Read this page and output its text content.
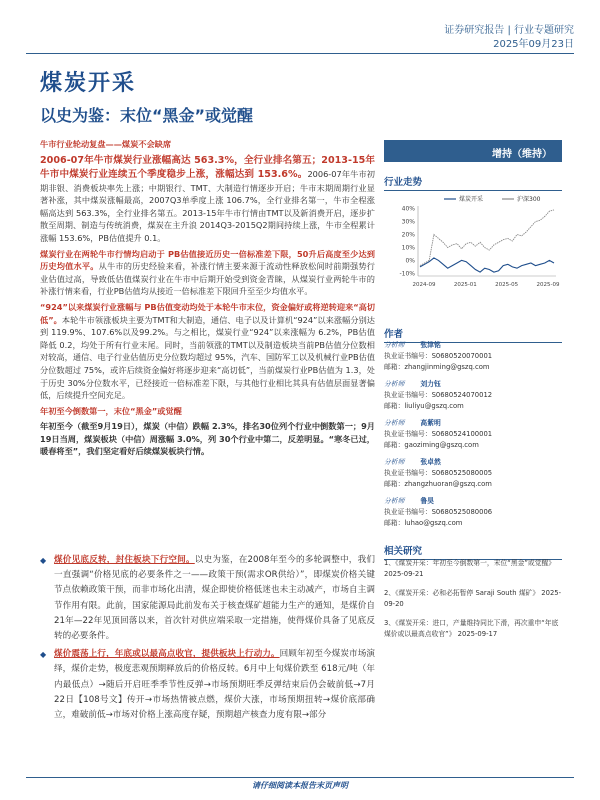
证券研究报告 | 行业专题研究
2025年09月23日
煤炭开采
以史为鉴：末位“黑金”或觉醒

牛市行业轮动复盘——煤炭不会缺席

2006-07年牛市煤炭行业涨幅高达 563.3%，全行业排名第五；2013-15年牛市中煤炭行业连续五个季度稳步上涨，涨幅达到 153.6%。2006-07年牛市初期非银、消费板块率先上涨；中期银行、TMT、大制造行情逐步开启；牛市末期周期行业显著补涨，其中煤炭涨幅最高，2007Q3单季度上涨 106.7%，全行业排名第一，牛市全程涨幅高达到 563.3%，全行业排名第五。2013-15年牛市行情由TMT以及新消费开启，逐步扩散至周期、制造与传统消费，煤炭在主升浪 2014Q3-2015Q2期间持续上涨，牛市全程累计涨幅 153.6%，PB估值提升 0.1。

煤炭行业在两轮牛市行情均启动于 PB估值接近历史一倍标准差下限，50升后高度至少达到历史均值水平。从牛市的历史经验来看，补涨行情主要来源于流动性释放松间时前期强势行业估值过高，导致低估值煤炭行业在牛市中后期开始受到资金青睐，从煤炭行业两轮牛市的补涨行情来看，行业PB估值均从接近一倍标准差下限回升至至少均值水平。

“924”以来煤炭行业涨幅与 PB估值变动均处于本轮牛市末位，资金偏好或将逆转迎来“高切低”。本轮牛市领涨板块主要为TMT和大制造，通信、电子以及计算机“924”以来涨幅分别达到 119.9%、107.6%以及99.2%。与之相比，煤炭行业“924”以来涨幅为 6.2%，PB估值降低 0.2，均处于所有行业末尾。同时，当前领涨的TMT以及制造板块当前PB估值分位数相对较高，通信、电子行业估值历史分位数均超过 95%，汽车、国防军工以及机械行业PB估值分位数超过 75%，或许后续资金偏好将逐步迎来“高切低”，当前煤炭行业PB估值为 1.3，处于历史 30%分位数水平，已经接近一倍标准差下限，与其他行业相比其具有估值层面显著偏低，后续提升空间充足。

年初至今倒数第一，末位“黑金”或觉醒

年初至今（截至9月19日），煤炭（中信）跌幅 2.3%，排名30位列个行业中倒数第一；9月19日当周，煤炭板块（中信）周涨幅 3.0%，列 30个行业中第二，反差明显。“寒冬已过，暖春将至”，我们坚定看好后续煤炭板块行情。

◆ 煤价见底反转，封住板块下行空间。以史为鉴，在2008年至今的多轮调整中，我们一直强调“价格见底的必要条件之一——政策干预(需求OR供给）”，即煤炭价格关键节点依赖政策干预，而非市场化出清，煤企即使价格低迷也未主动减产，市场自主调节作用有限。此前，国家能源局此前发布关于核查煤矿超能力生产的通知，是煤价自 21年—22年见顶回落以来，首次针对供应端采取一定措施，使得煤价具备了见底反转的必要条件。
◆ 煤价震荡上行，年底或以最高点收官，提供板块上行动力。回顾年初至今煤炭市场演绎，煤价走势，极度悲观预期释放后的价格反转。6月中上旬煤价跌至 618元/吨（年内最低点）→随后开启旺季季节性反弹→市场预期旺季反弹结束后仍会破前低→7月22日【108号文】传开→市场热情被点燃，煤价大涨，市场预期扭转→煤价底部确立，难破前低→市场对价格上涨高度存疑，预期超产核查力度有限→部分
增持（维持）
行业走势
40%
30%
20%
10%
0%
-10%
2024-09	2025-01	2025-05	2025-09
煤炭开采	沪深300
作者
分析师 张津铭
执业证书编号：S0680520070001
邮箱：zhangjinming@gszq.com
分析师 刘力钰
执业证书编号：S0680524070012
邮箱：liuliyu@gszq.com
分析师 高紫明
执业证书编号：S0680524100001
邮箱：gaoziming@gszq.com
分析师 张卓然
执业证书编号：S0680525080005
邮箱：zhangzhuoran@gszq.com
分析师 鲁昊
执业证书编号：S0680525080006
邮箱：luhao@gszq.com
相关研究
1、《煤炭开采：年初至今倒数第一，末位“黑金”或觉醒》 2025-09-21
2、《煤炭开采：必和必拓暂停 Saraji South 煤矿》 2025-09-20
3、《煤炭开采：进口，产量维持同比下滑，再次重申“年底煤价或以最高点收官”》 2025-09-17
请仔细阅读本报告末页声明
